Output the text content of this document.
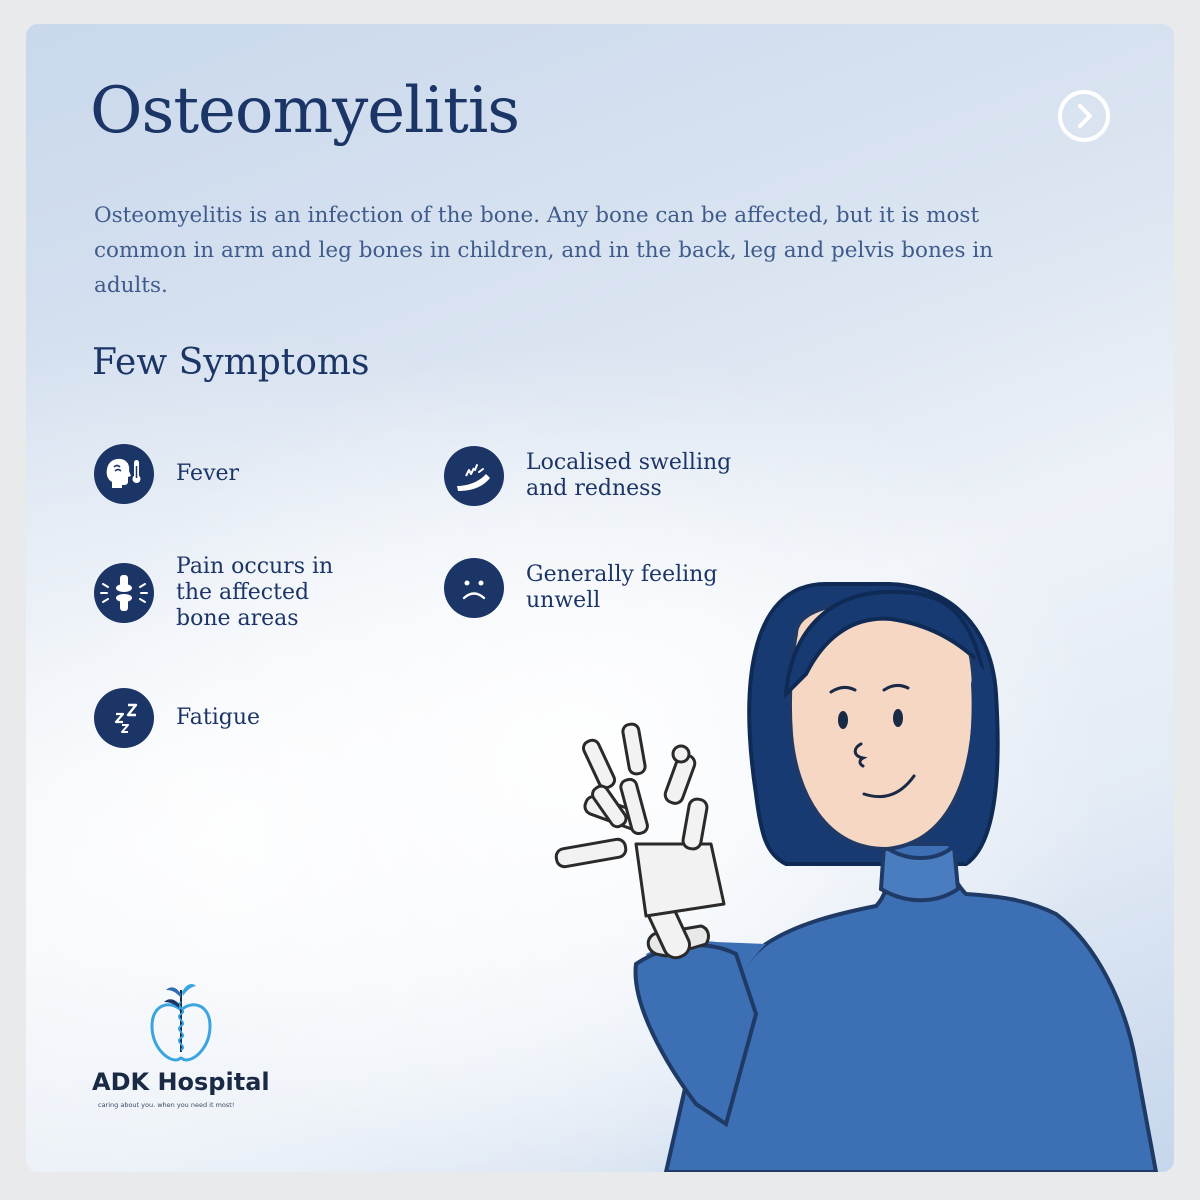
Osteomyelitis

Osteomyelitis is an infection of the bone. Any bone can be affected, but it is most common in arm and leg bones in children, and in the back, leg and pelvis bones in adults.

Few Symptoms
Fever
Pain occurs in
the affected
bone areas
Fatigue
Localised swelling
and redness
Generally feeling
unwell
ADK Hospital
caring about you. when you need it most!
